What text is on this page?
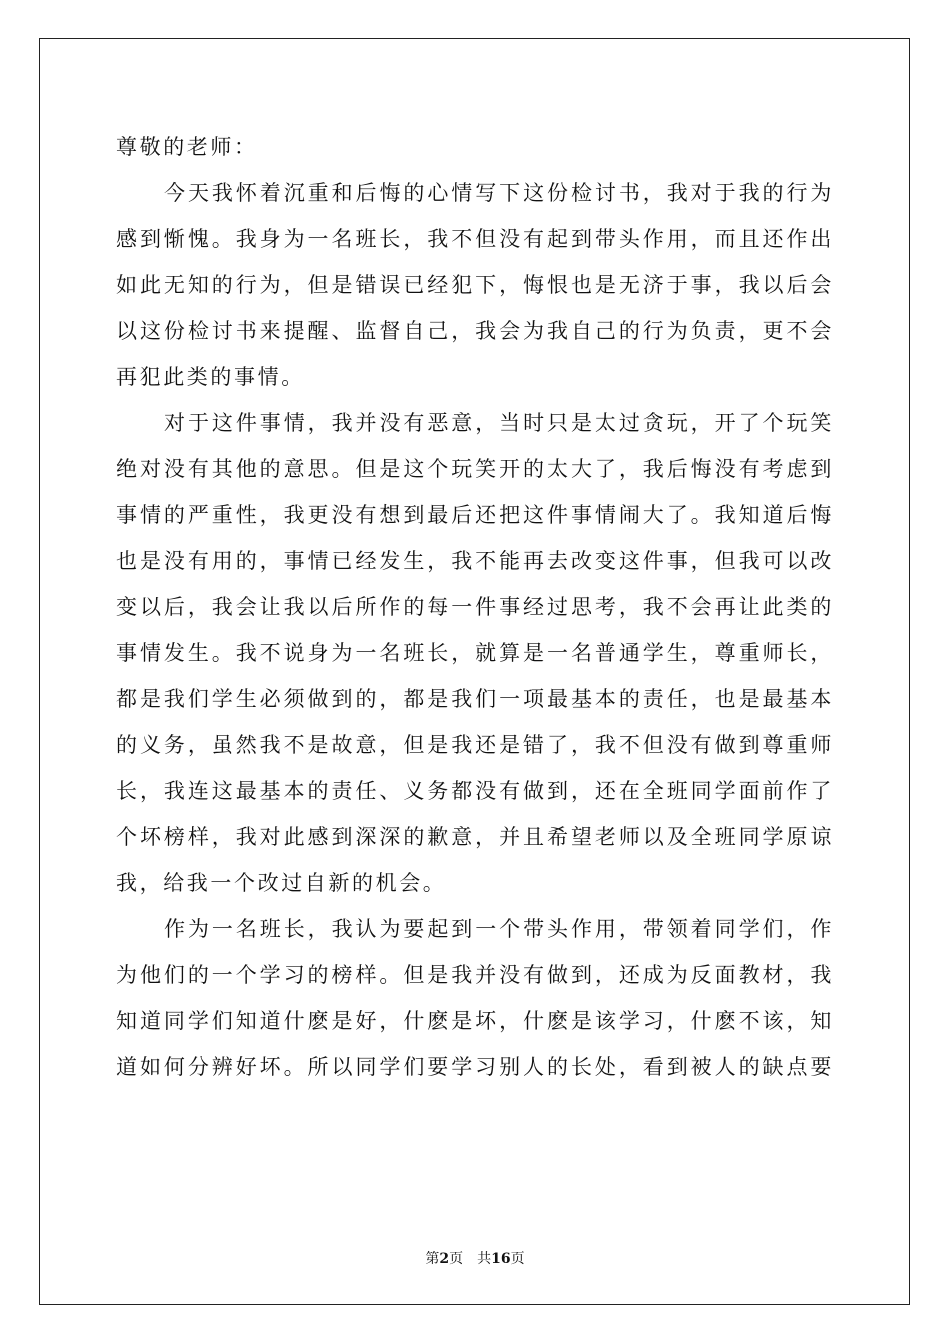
尊敬的老师：
今天我怀着沉重和后悔的心情写下这份检讨书，我对于我的行为
感到惭愧。我身为一名班长，我不但没有起到带头作用，而且还作出
如此无知的行为，但是错误已经犯下，悔恨也是无济于事，我以后会
以这份检讨书来提醒、监督自己，我会为我自己的行为负责，更不会
再犯此类的事情。
对于这件事情，我并没有恶意，当时只是太过贪玩，开了个玩笑
绝对没有其他的意思。但是这个玩笑开的太大了，我后悔没有考虑到
事情的严重性，我更没有想到最后还把这件事情闹大了。我知道后悔
也是没有用的，事情已经发生，我不能再去改变这件事，但我可以改
变以后，我会让我以后所作的每一件事经过思考，我不会再让此类的
事情发生。我不说身为一名班长，就算是一名普通学生，尊重师长，
都是我们学生必须做到的，都是我们一项最基本的责任，也是最基本
的义务，虽然我不是故意，但是我还是错了，我不但没有做到尊重师
长，我连这最基本的责任、义务都没有做到，还在全班同学面前作了
个坏榜样，我对此感到深深的歉意，并且希望老师以及全班同学原谅
我，给我一个改过自新的机会。
作为一名班长，我认为要起到一个带头作用，带领着同学们，作
为他们的一个学习的榜样。但是我并没有做到，还成为反面教材，我
知道同学们知道什麽是好，什麽是坏，什麽是该学习，什麽不该，知
道如何分辨好坏。所以同学们要学习别人的长处，看到被人的缺点要
第2页 共16页
